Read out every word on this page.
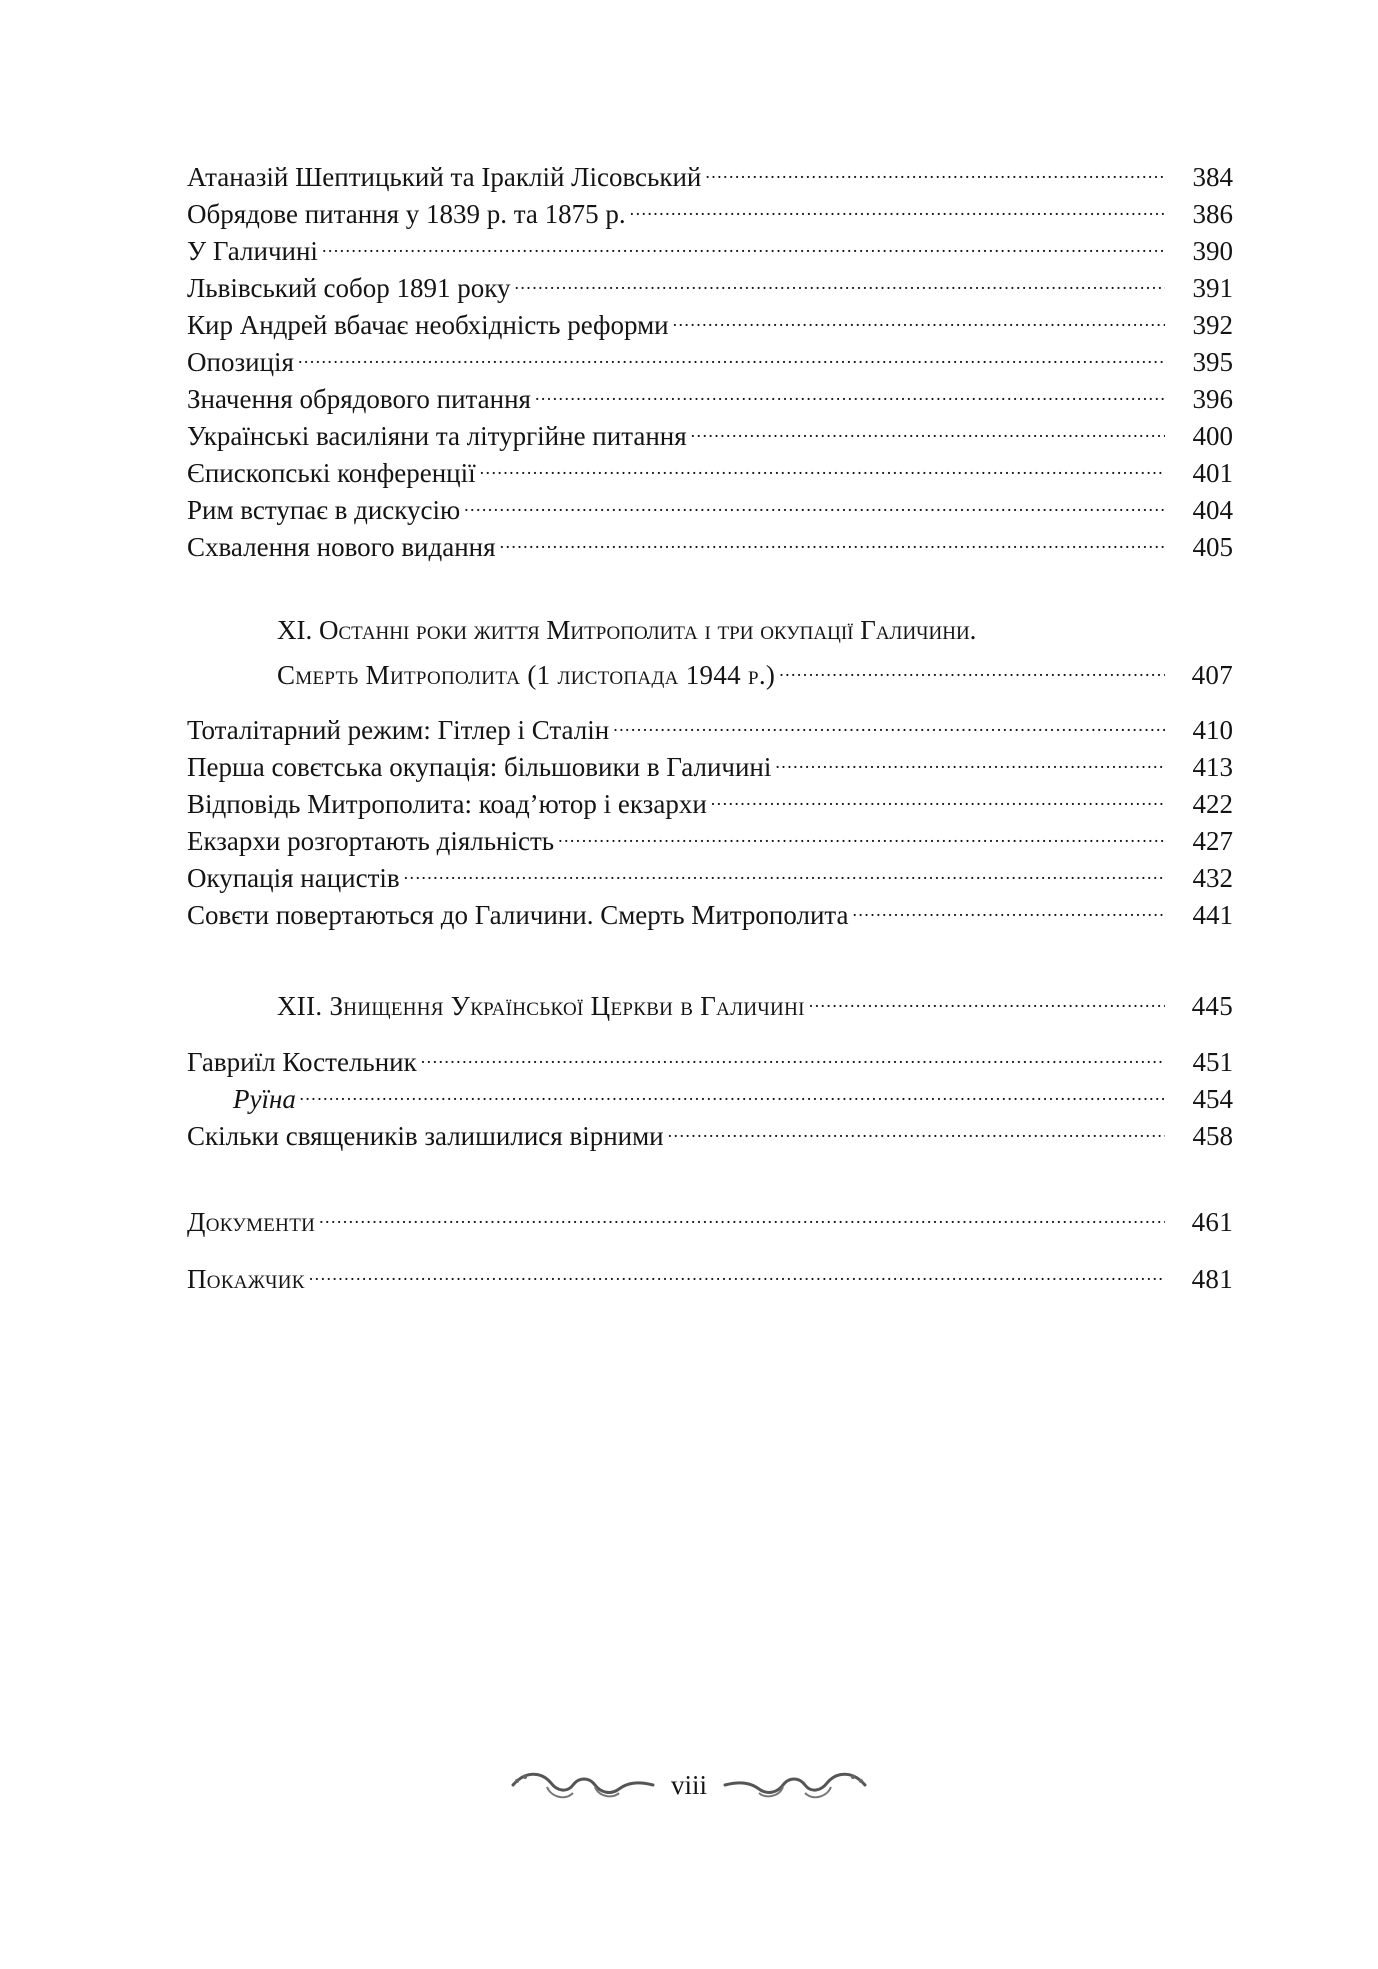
Атаназій Шептицький та Іраклій Лісовський .....	384
Обрядове питання у 1839 р. та 1875 р. .....	386
У Галичині .....	390
Львівський собор 1891 року .....	391
Кир Андрей вбачає необхідність реформи .....	392
Опозиція .....	395
Значення обрядового питання .....	396
Українські василіяни та літургійне питання .....	400
Єпископські конференції .....	401
Рим вступає в дискусію .....	404
Схвалення нового видання .....	405
XI. Останні роки життя Митрополита і три окупації Галичини.
Смерть Митрополита (1 листопада 1944 р.) .....	407
Тоталітарний режим: Гітлер і Сталін .....	410
Перша совєтська окупація: більшовики в Галичині .....	413
Відповідь Митрополита: коад’ютор і екзархи .....	422
Екзархи розгортають діяльність .....	427
Окупація нацистів .....	432
Совєти повертаються до Галичини. Смерть Митрополита .....	441
XII. Знищення Української Церкви в Галичині .....	445
Гавриїл Костельник .....	451
Руїна .....	454
Скільки священиків залишилися вірними .....	458
Документи .....	461
Покажчик .....	481
viii
